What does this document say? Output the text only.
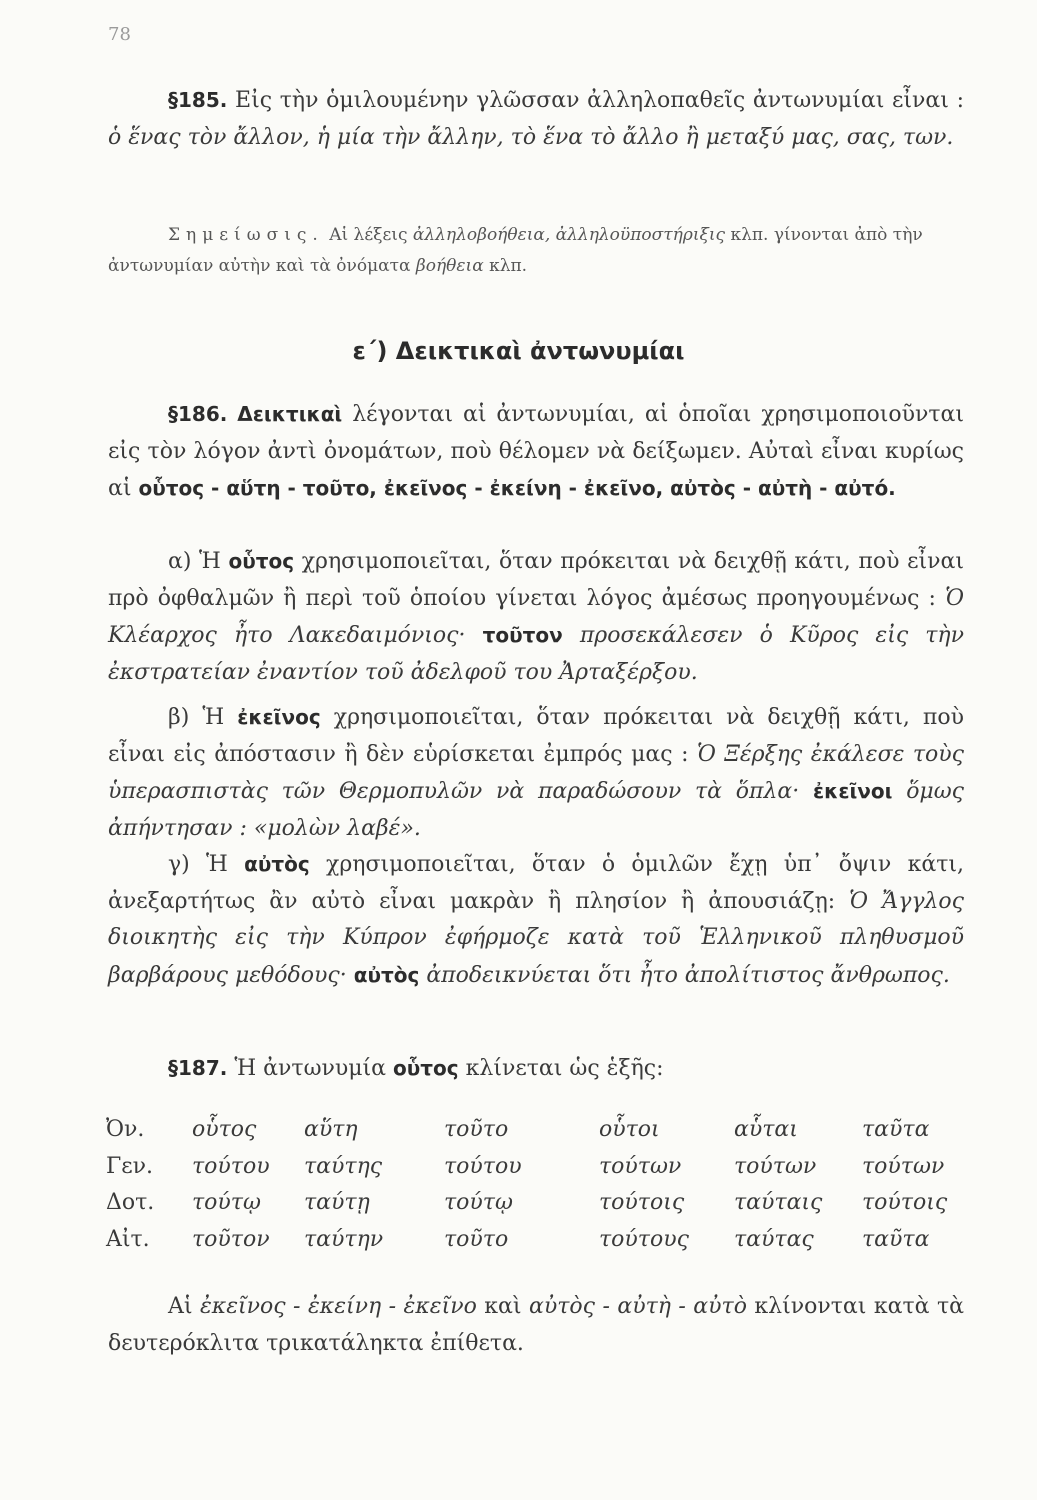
78

§185. Εἰς τὴν ὁμιλουμένην γλῶσσαν ἀλληλοπαθεῖς ἀντωνυμίαι εἶναι : ὁ ἕνας τὸν ἄλλον, ἡ μία τὴν ἄλλην, τὸ ἕνα τὸ ἄλλο ἢ μεταξύ μας, σας, των.

Σημείωσις. Αἱ λέξεις ἀλληλοβοήθεια, ἀλληλοϋποστήριξις κλπ. γίνονται ἀπὸ τὴν ἀντωνυμίαν αὐτὴν καὶ τὰ ὀνόματα βοήθεια κλπ.

ε΄) Δεικτικαὶ ἀντωνυμίαι

§186. Δεικτικαὶ λέγονται αἱ ἀντωνυμίαι, αἱ ὁποῖαι χρησιμοποιοῦνται εἰς τὸν λόγον ἀντὶ ὀνομάτων, ποὺ θέλομεν νὰ δείξωμεν. Αὐταὶ εἶναι κυρίως αἱ οὗτος - αὕτη - τοῦτο, ἐκεῖνος - ἐκείνη - ἐκεῖνο, αὐτὸς - αὐτὴ - αὐτό.

α) Ἡ οὗτος χρησιμοποιεῖται, ὅταν πρόκειται νὰ δειχθῇ κάτι, ποὺ εἶναι πρὸ ὀφθαλμῶν ἢ περὶ τοῦ ὁποίου γίνεται λόγος ἀμέσως προηγουμένως : Ὁ Κλέαρχος ἦτο Λακεδαιμόνιος· τοῦτον προσεκάλεσεν ὁ Κῦρος εἰς τὴν ἐκστρατείαν ἐναντίον τοῦ ἀδελφοῦ του Ἀρταξέρξου.

β) Ἡ ἐκεῖνος χρησιμοποιεῖται, ὅταν πρόκειται νὰ δειχθῇ κάτι, ποὺ εἶναι εἰς ἀπόστασιν ἢ δὲν εὑρίσκεται ἐμπρός μας : Ὁ Ξέρξης ἐκάλεσε τοὺς ὑπερασπιστὰς τῶν Θερμοπυλῶν νὰ παραδώσουν τὰ ὅπλα· ἐκεῖνοι ὅμως ἀπήντησαν : «μολὼν λαβέ».

γ) Ἡ αὐτὸς χρησιμοποιεῖται, ὅταν ὁ ὁμιλῶν ἔχῃ ὑπ᾽ ὄψιν κάτι, ἀνεξαρτήτως ἂν αὐτὸ εἶναι μακρὰν ἢ πλησίον ἢ ἀπουσιάζῃ: Ὁ Ἄγγλος διοικητὴς εἰς τὴν Κύπρον ἐφήρμοζε κατὰ τοῦ Ἑλληνικοῦ πληθυσμοῦ βαρβάρους μεθόδους· αὐτὸς ἀποδεικνύεται ὅτι ἦτο ἀπολίτιστος ἄνθρωπος.

§187. Ἡ ἀντωνυμία οὗτος κλίνεται ὡς ἑξῆς:

Ὀν.	οὗτος	αὕτη	τοῦτο	οὗτοι	αὗται	ταῦτα
Γεν.	τούτου	ταύτης	τούτου	τούτων	τούτων	τούτων
Δοτ.	τούτῳ	ταύτῃ	τούτῳ	τούτοις	ταύταις	τούτοις
Αἰτ.	τοῦτον	ταύτην	τοῦτο	τούτους	ταύτας	ταῦτα

Αἱ ἐκεῖνος - ἐκείνη - ἐκεῖνο καὶ αὐτὸς - αὐτὴ - αὐτὸ κλίνονται κατὰ τὰ δευτερόκλιτα τρικατάληκτα ἐπίθετα.
